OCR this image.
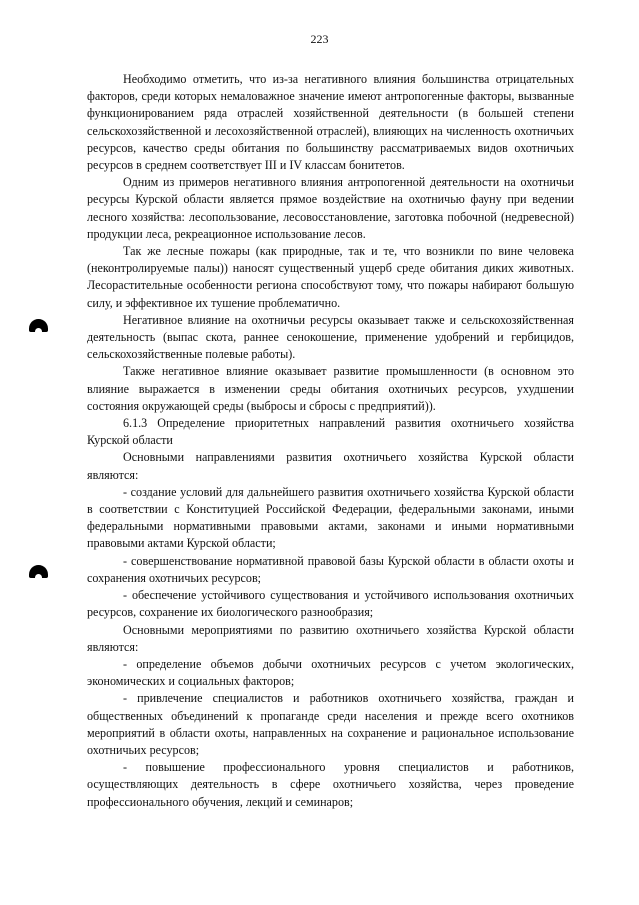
223

Необходимо отметить, что из-за негативного влияния большинства отрицательных факторов, среди которых немаловажное значение имеют антропогенные факторы, вызванные функционированием ряда отраслей хозяйственной деятельности (в большей степени сельскохозяйственной и лесохозяйственной отраслей), влияющих на численность охотничьих ресурсов, качество среды обитания по большинству рассматриваемых видов охотничьих ресурсов в среднем соответствует III и IV классам бонитетов.

Одним из примеров негативного влияния антропогенной деятельности на охотничьи ресурсы Курской области является прямое воздействие на охотничью фауну при ведении лесного хозяйства: лесопользование, лесовосстановление, заготовка побочной (недревесной) продукции леса, рекреационное использование лесов.

Так же лесные пожары (как природные, так и те, что возникли по вине человека (неконтролируемые палы)) наносят существенный ущерб среде обитания диких животных. Лесорастительные особенности региона способствуют тому, что пожары набирают большую силу, и эффективное их тушение проблематично.

Негативное влияние на охотничьи ресурсы оказывает также и сельскохозяйственная деятельность (выпас скота, раннее сенокошение, применение удобрений и гербицидов, сельскохозяйственные полевые работы).

Также негативное влияние оказывает развитие промышленности (в основном это влияние выражается в изменении среды обитания охотничьих ресурсов, ухудшении состояния окружающей среды (выбросы и сбросы с предприятий)).

6.1.3 Определение приоритетных направлений развития охотничьего хозяйства Курской области

Основными направлениями развития охотничьего хозяйства Курской области являются:

- создание условий для дальнейшего развития охотничьего хозяйства Курской области в соответствии с Конституцией Российской Федерации, федеральными законами, иными федеральными нормативными правовыми актами, законами и иными нормативными правовыми актами Курской области;

- совершенствование нормативной правовой базы Курской области в области охоты и сохранения охотничьих ресурсов;

- обеспечение устойчивого существования и устойчивого использования охотничьих ресурсов, сохранение их биологического разнообразия;

Основными мероприятиями по развитию охотничьего хозяйства Курской области являются:

- определение объемов добычи охотничьих ресурсов с учетом экологических, экономических и социальных факторов;

- привлечение специалистов и работников охотничьего хозяйства, граждан и общественных объединений к пропаганде среди населения и прежде всего охотников мероприятий в области охоты, направленных на сохранение и рациональное использование охотничьих ресурсов;

- повышение профессионального уровня специалистов и работников, осуществляющих деятельность в сфере охотничьего хозяйства, через проведение профессионального обучения, лекций и семинаров;
